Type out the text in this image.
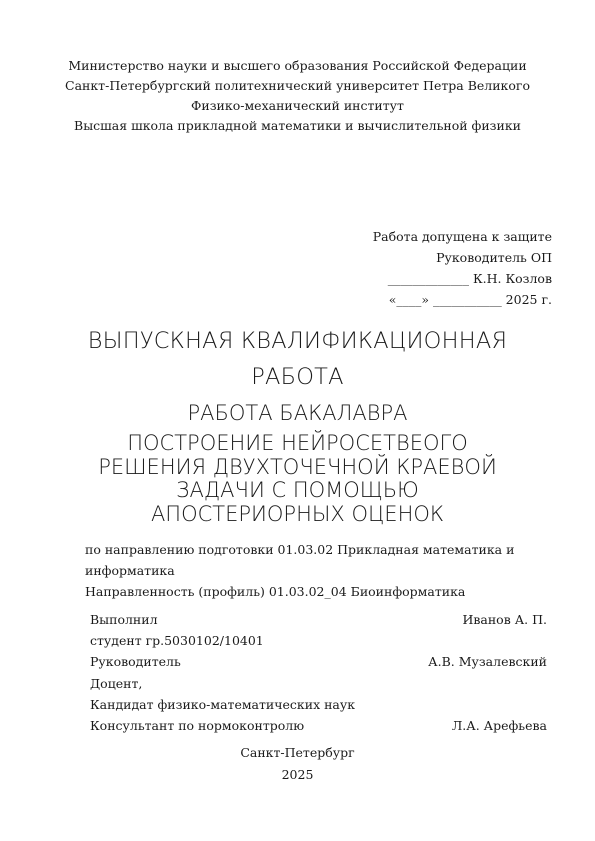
Министерство науки и высшего образования Российской Федерации
Санкт-Петербургский политехнический университет Петра Великого
Физико-механический институт
Высшая школа прикладной математики и вычислительной физики
Работа допущена к защите
Руководитель ОП
_____________ К.Н. Козлов
«____» ___________ 2025 г.
ВЫПУСКНАЯ КВАЛИФИКАЦИОННАЯ
РАБОТА
РАБОТА БАКАЛАВРА
ПОСТРОЕНИЕ НЕЙРОСЕТВЕОГО
РЕШЕНИЯ ДВУХТОЧЕЧНОЙ КРАЕВОЙ
ЗАДАЧИ С ПОМОЩЬЮ
АПОСТЕРИОРНЫХ ОЦЕНОК
по направлению подготовки 01.03.02 Прикладная математика и
информатика
Направленность (профиль) 01.03.02_04 Биоинформатика
Выполнил	Иванов А. П.
студент гр.5030102/10401
Руководитель	А.В. Музалевский
Доцент,
Кандидат физико-математических наук
Консультант по нормоконтролю	Л.А. Арефьева
Санкт-Петербург
2025
